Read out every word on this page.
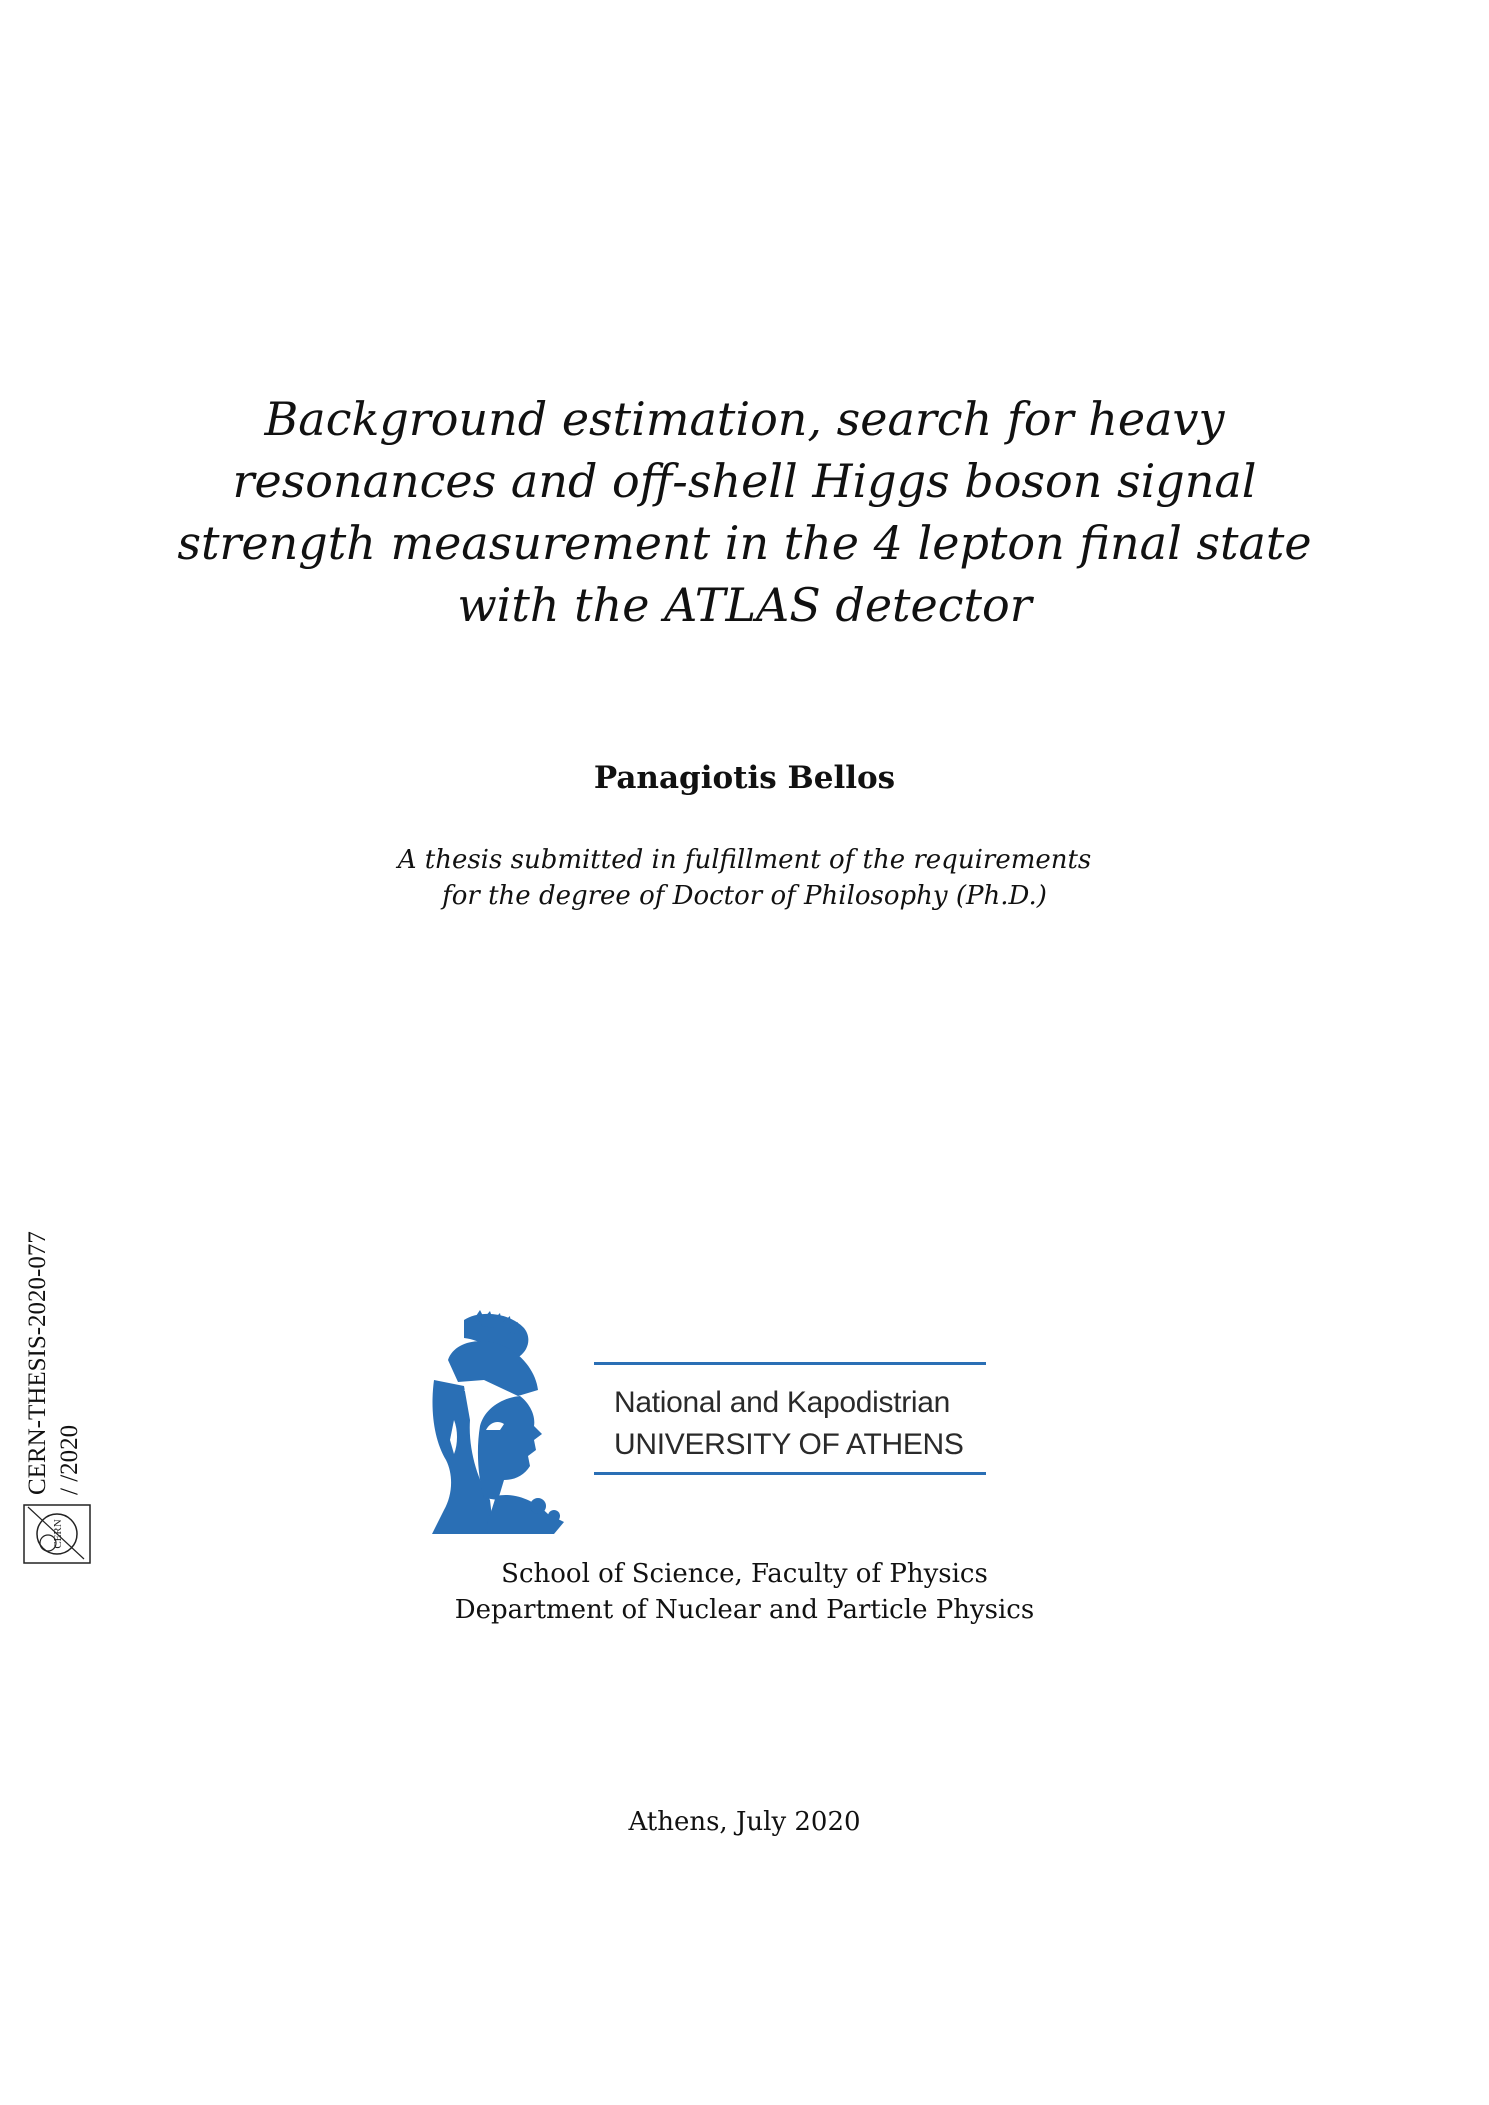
Background estimation, search for heavy
resonances and off-shell Higgs boson signal
strength measurement in the 4 lepton final state
with the ATLAS detector
Panagiotis Bellos
A thesis submitted in fulfillment of the requirements
for the degree of Doctor of Philosophy (Ph.D.)
National and Kapodistrian
UNIVERSITY OF ATHENS
School of Science, Faculty of Physics
Department of Nuclear and Particle Physics
Athens, July 2020
CERN
CERN-THESIS-2020-077 / /2020
